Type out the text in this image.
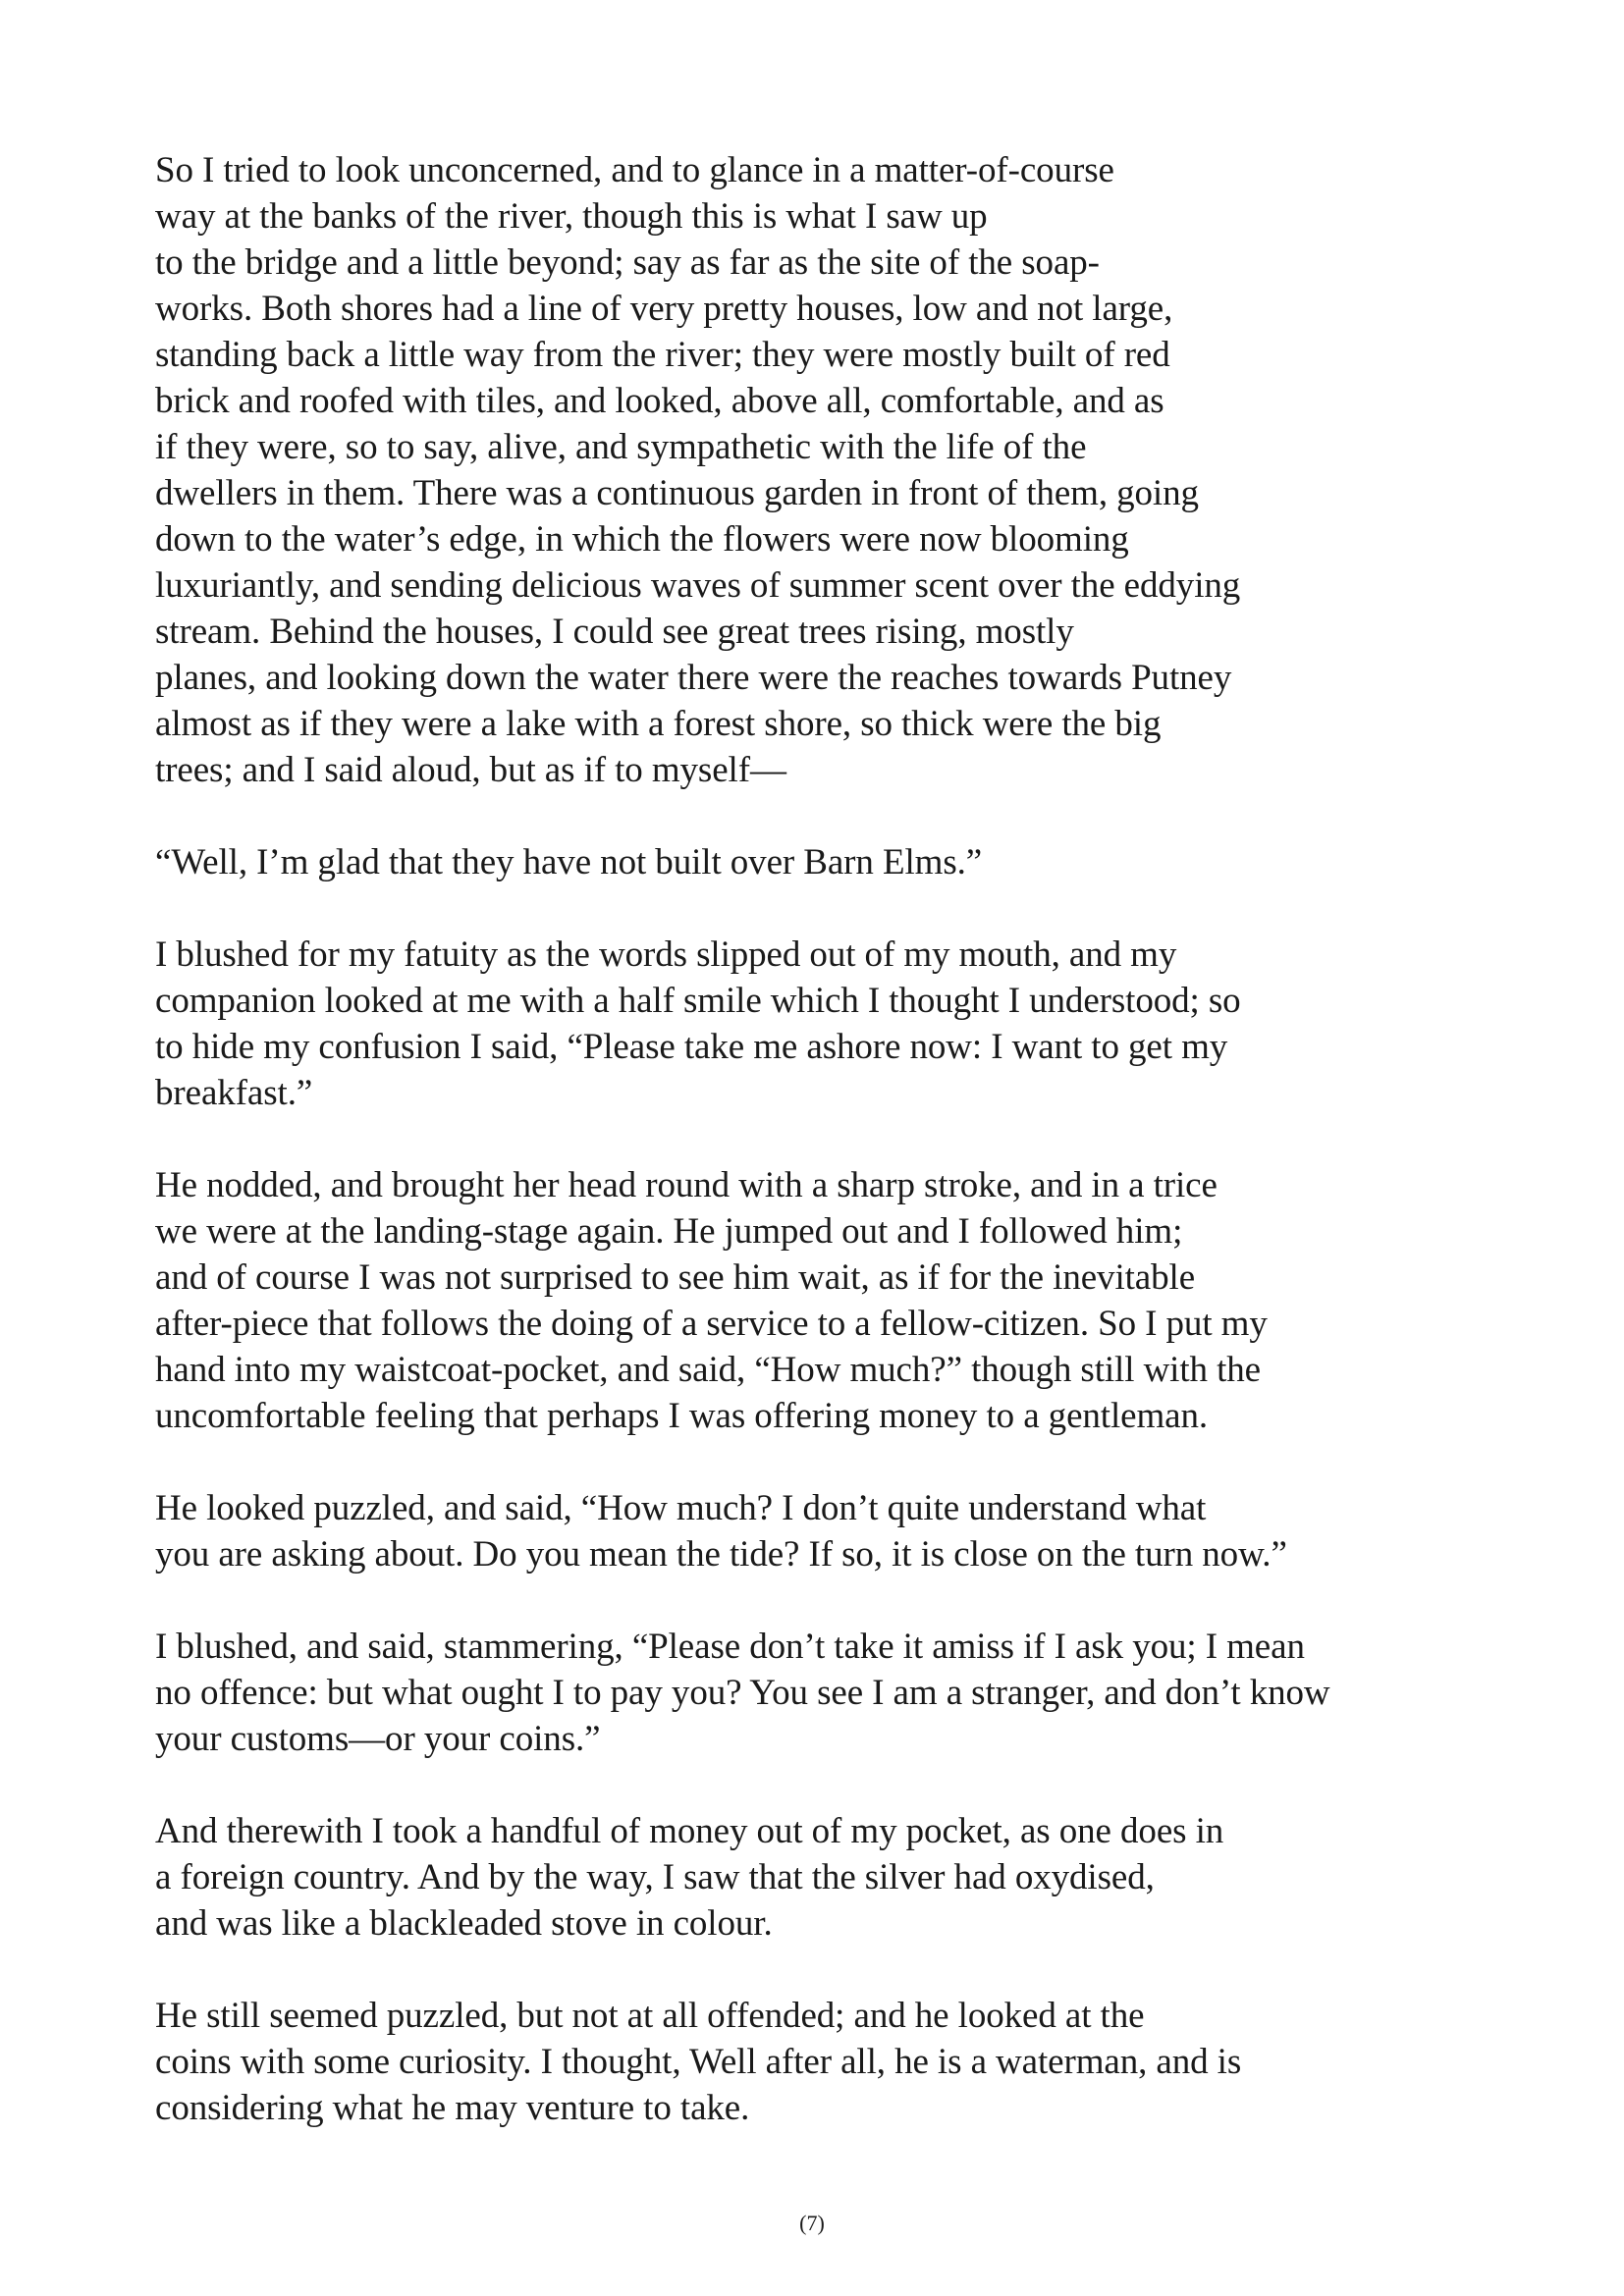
So I tried to look unconcerned, and to glance in a matter-of-course
way at the banks of the river, though this is what I saw up
to the bridge and a little beyond; say as far as the site of the soap-
works. Both shores had a line of very pretty houses, low and not large,
standing back a little way from the river; they were mostly built of red
brick and roofed with tiles, and looked, above all, comfortable, and as
if they were, so to say, alive, and sympathetic with the life of the
dwellers in them. There was a continuous garden in front of them, going
down to the water’s edge, in which the flowers were now blooming
luxuriantly, and sending delicious waves of summer scent over the eddying
stream. Behind the houses, I could see great trees rising, mostly
planes, and looking down the water there were the reaches towards Putney
almost as if they were a lake with a forest shore, so thick were the big
trees; and I said aloud, but as if to myself—

“Well, I’m glad that they have not built over Barn Elms.”

I blushed for my fatuity as the words slipped out of my mouth, and my
companion looked at me with a half smile which I thought I understood; so
to hide my confusion I said, “Please take me ashore now: I want to get my
breakfast.”

He nodded, and brought her head round with a sharp stroke, and in a trice
we were at the landing-stage again. He jumped out and I followed him;
and of course I was not surprised to see him wait, as if for the inevitable
after-piece that follows the doing of a service to a fellow-citizen. So I put my
hand into my waistcoat-pocket, and said, “How much?” though still with the
uncomfortable feeling that perhaps I was offering money to a gentleman.

He looked puzzled, and said, “How much? I don’t quite understand what
you are asking about. Do you mean the tide? If so, it is close on the turn now.”

I blushed, and said, stammering, “Please don’t take it amiss if I ask you; I mean
no offence: but what ought I to pay you? You see I am a stranger, and don’t know
your customs—or your coins.”

And therewith I took a handful of money out of my pocket, as one does in
a foreign country. And by the way, I saw that the silver had oxydised,
and was like a blackleaded stove in colour.

He still seemed puzzled, but not at all offended; and he looked at the
coins with some curiosity. I thought, Well after all, he is a waterman, and is
considering what he may venture to take.

(7)
